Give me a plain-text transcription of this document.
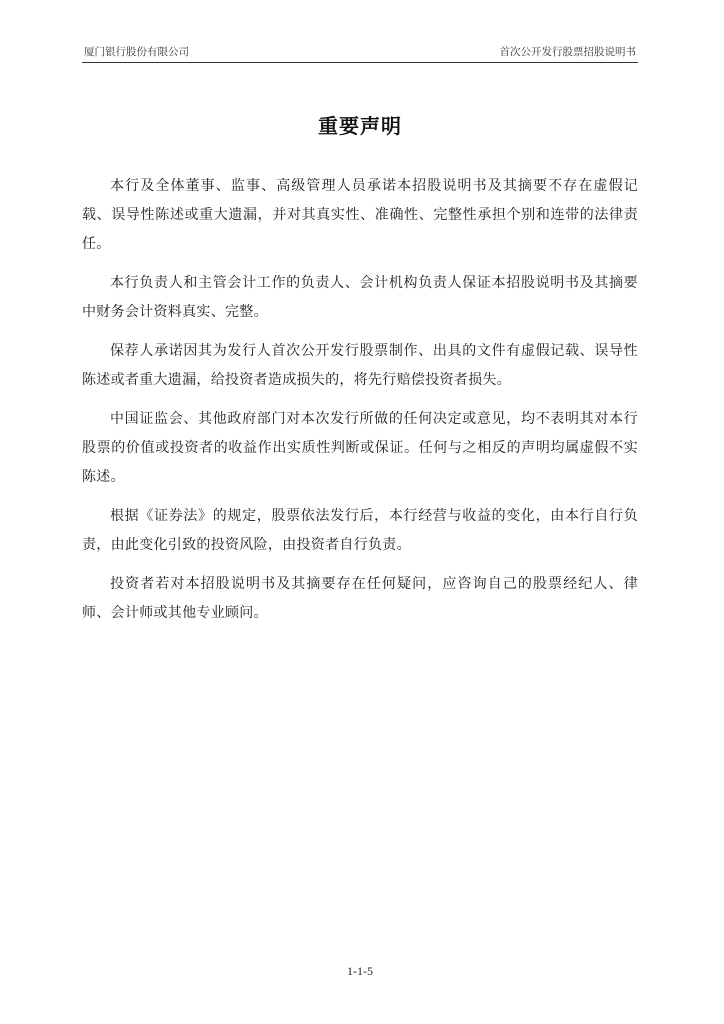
厦门银行股份有限公司	首次公开发行股票招股说明书
重要声明

本行及全体董事、监事、高级管理人员承诺本招股说明书及其摘要不存在虚假记载、误导性陈述或重大遗漏，并对其真实性、准确性、完整性承担个别和连带的法律责任。

本行负责人和主管会计工作的负责人、会计机构负责人保证本招股说明书及其摘要中财务会计资料真实、完整。

保荐人承诺因其为发行人首次公开发行股票制作、出具的文件有虚假记载、误导性陈述或者重大遗漏，给投资者造成损失的，将先行赔偿投资者损失。

中国证监会、其他政府部门对本次发行所做的任何决定或意见，均不表明其对本行股票的价值或投资者的收益作出实质性判断或保证。任何与之相反的声明均属虚假不实陈述。

根据《证券法》的规定，股票依法发行后，本行经营与收益的变化，由本行自行负责，由此变化引致的投资风险，由投资者自行负责。

投资者若对本招股说明书及其摘要存在任何疑问，应咨询自己的股票经纪人、律师、会计师或其他专业顾问。

1-1-5
